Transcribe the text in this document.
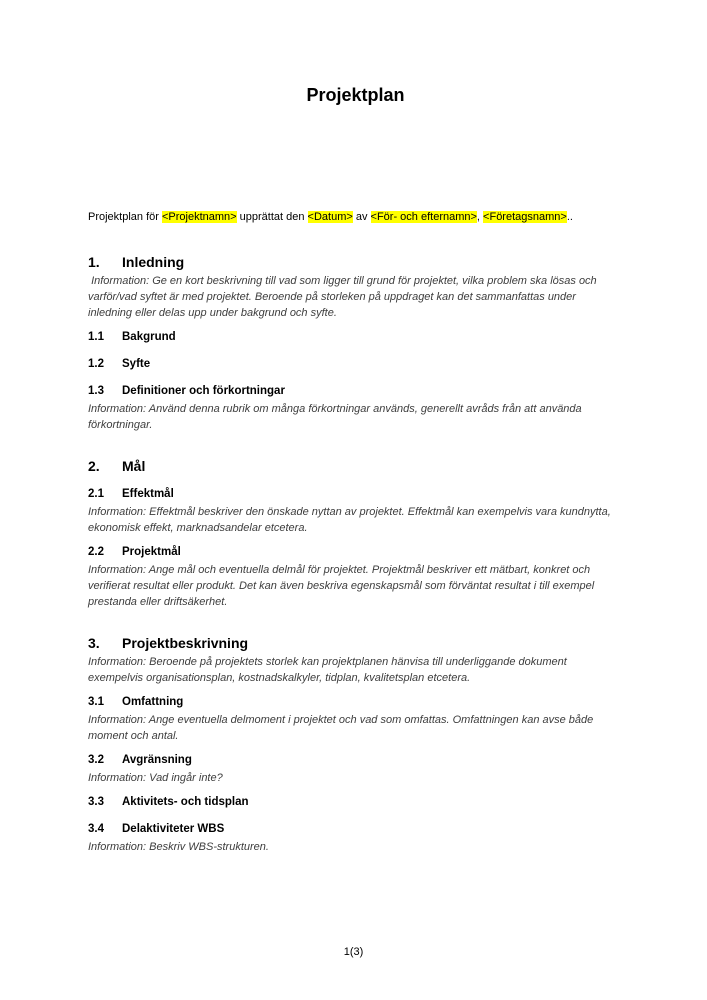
Projektplan

Projektplan för <Projektnamn> upprättat den <Datum> av <För- och efternamn>, <Företagsnamn>..

1.	Inledning

Information: Ge en kort beskrivning till vad som ligger till grund för projektet, vilka problem ska lösas och varför/vad syftet är med projektet. Beroende på storleken på uppdraget kan det sammanfattas under inledning eller delas upp under bakgrund och syfte.

1.1	Bakgrund
1.2	Syfte
1.3	Definitioner och förkortningar

Information: Använd denna rubrik om många förkortningar används, generellt avråds från att använda förkortningar.

2.	Mål
2.1	Effektmål

Information: Effektmål beskriver den önskade nyttan av projektet. Effektmål kan exempelvis vara kundnytta, ekonomisk effekt, marknadsandelar etcetera.

2.2	Projektmål

Information: Ange mål och eventuella delmål för projektet. Projektmål beskriver ett mätbart, konkret och verifierat resultat eller produkt. Det kan även beskriva egenskapsmål som förväntat resultat i till exempel prestanda eller driftsäkerhet.

3.	Projektbeskrivning

Information: Beroende på projektets storlek kan projektplanen hänvisa till underliggande dokument exempelvis organisationsplan, kostnadskalkyler, tidplan, kvalitetsplan etcetera.

3.1	Omfattning

Information: Ange eventuella delmoment i projektet och vad som omfattas. Omfattningen kan avse både moment och antal.

3.2	Avgränsning

Information: Vad ingår inte?

3.3	Aktivitets- och tidsplan
3.4	Delaktiviteter WBS

Information: Beskriv WBS-strukturen.

1(3)
